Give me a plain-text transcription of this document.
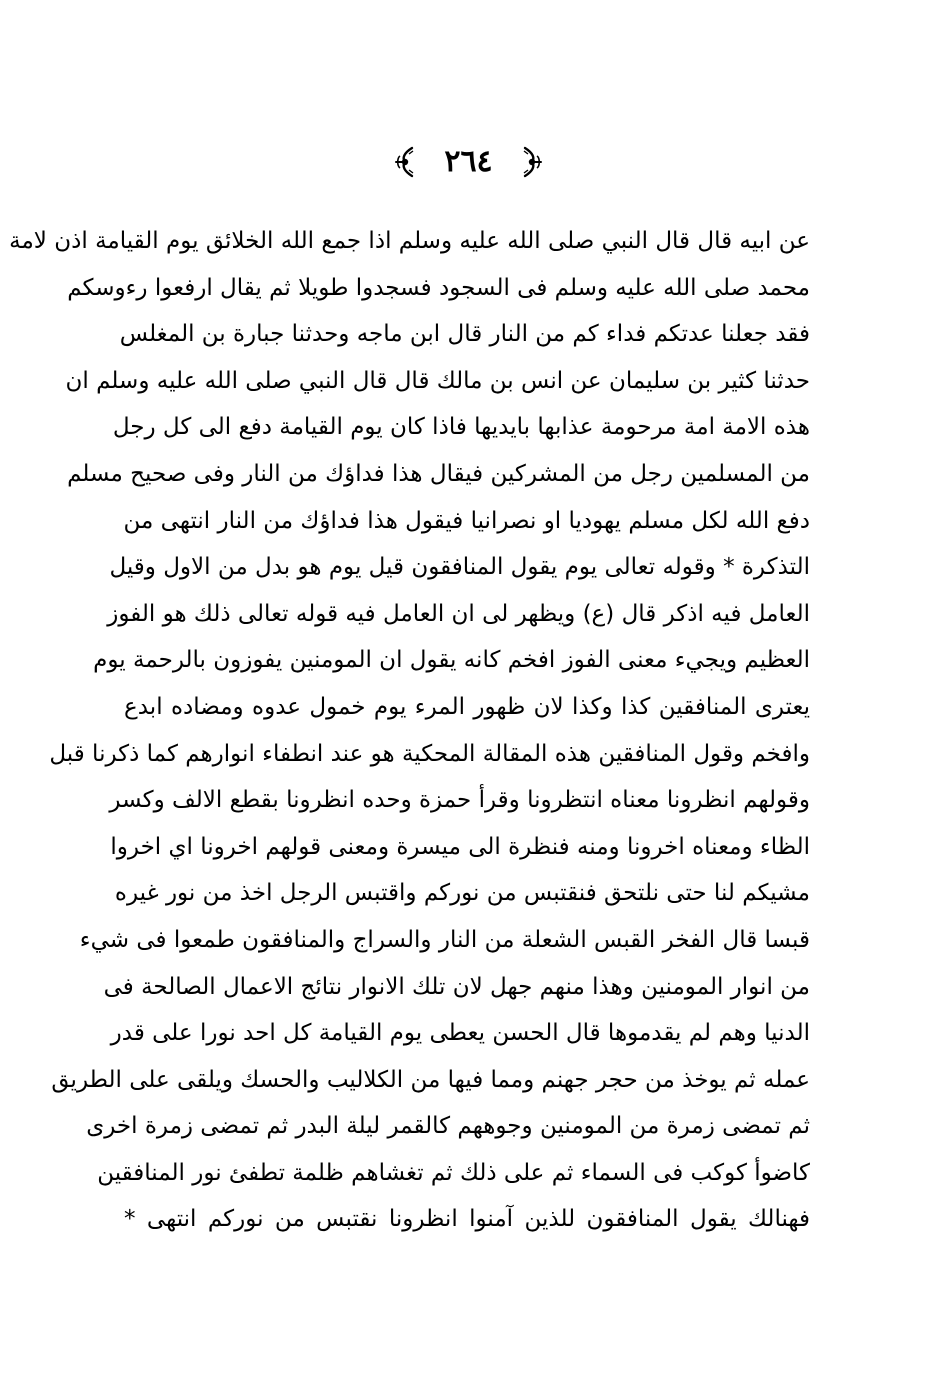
٢٦٤
عن ابيه قال قال النبي صلى الله عليه وسلم اذا جمع الله الخلائق يوم القيامة اذن لامة
محمد صلى الله عليه وسلم فى السجود فسجدوا طويلا ثم يقال ارفعوا رءوسكم
فقد جعلنا عدتكم فداء كم من النار قال ابن ماجه وحدثنا جبارة بن المغلس
حدثنا كثير بن سليمان عن انس بن مالك قال قال النبي صلى الله عليه وسلم ان
هذه الامة امة مرحومة عذابها بايديها فاذا كان يوم القيامة دفع الى كل رجل
من المسلمين رجل من المشركين فيقال هذا فداؤك من النار وفى صحيح مسلم
دفع الله لكل مسلم يهوديا او نصرانيا فيقول هذا فداؤك من النار انتهى من
التذكرة * وقوله تعالى يوم يقول المنافقون قيل يوم هو بدل من الاول وقيل
العامل فيه اذكر قال (ع) ويظهر لى ان العامل فيه قوله تعالى ذلك هو الفوز
العظيم ويجيء معنى الفوز افخم كانه يقول ان المومنين يفوزون بالرحمة يوم
يعترى المنافقين كذا وكذا لان ظهور المرء يوم خمول عدوه ومضاده ابدع
وافخم وقول المنافقين هذه المقالة المحكية هو عند انطفاء انوارهم كما ذكرنا قبل
وقولهم انظرونا معناه انتظرونا وقرأ حمزة وحده انظرونا بقطع الالف وكسر
الظاء ومعناه اخرونا ومنه فنظرة الى ميسرة ومعنى قولهم اخرونا اي اخروا
مشيكم لنا حتى نلتحق فنقتبس من نوركم واقتبس الرجل اخذ من نور غيره
قبسا قال الفخر القبس الشعلة من النار والسراج والمنافقون طمعوا فى شيء
من انوار المومنين وهذا منهم جهل لان تلك الانوار نتائج الاعمال الصالحة فى
الدنيا وهم لم يقدموها قال الحسن يعطى يوم القيامة كل احد نورا على قدر
عمله ثم يوخذ من حجر جهنم ومما فيها من الكلاليب والحسك ويلقى على الطريق
ثم تمضى زمرة من المومنين وجوههم كالقمر ليلة البدر ثم تمضى زمرة اخرى
كاضوأ كوكب فى السماء ثم على ذلك ثم تغشاهم ظلمة تطفئ نور المنافقين
فهنالك يقول المنافقون للذين آمنوا انظرونا نقتبس من نوركم انتهى *
